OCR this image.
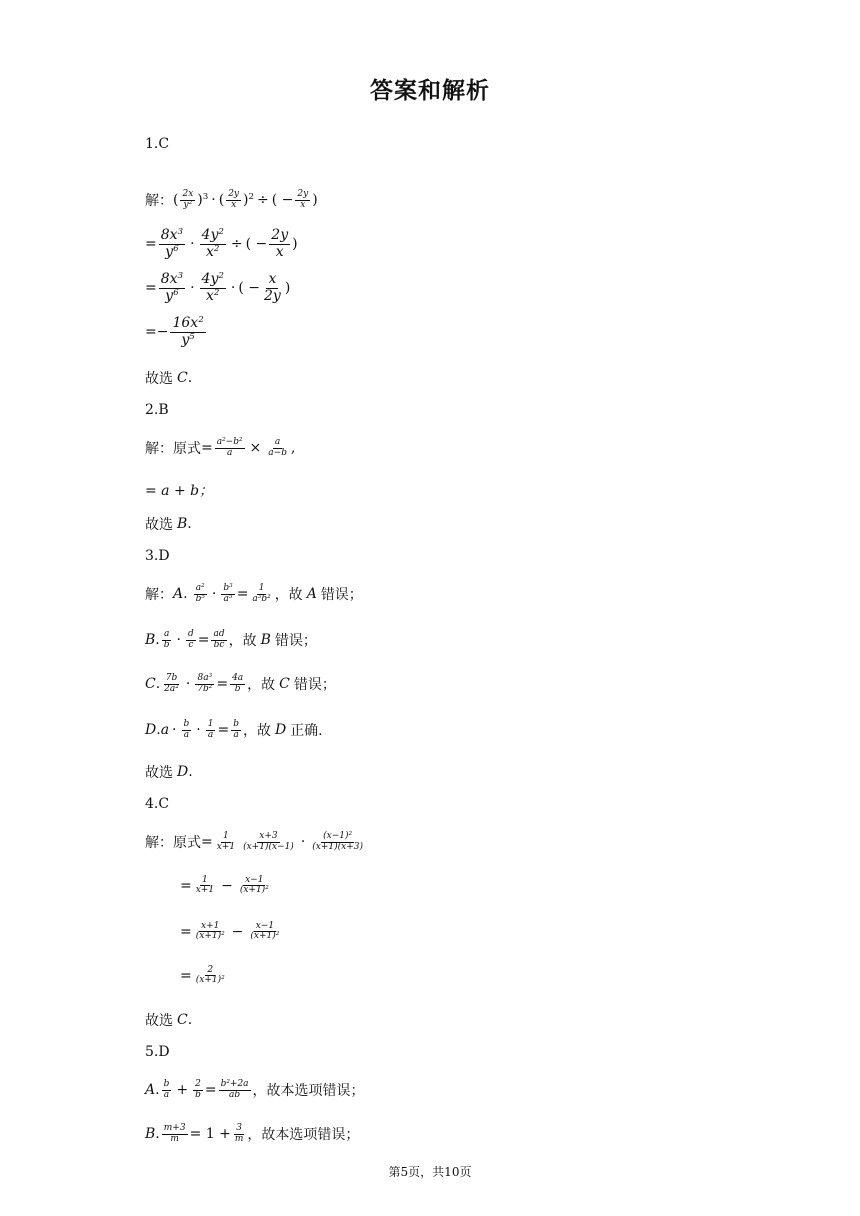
答案和解析
1.C
解： ( $\frac{2x}{y^2} )^3$ · ( $\frac{2y}{x} )^2$ ÷ ( − $\frac{2y}{x}$ )
= $\frac{8x^3}{y^6} \cdot \frac{4y^2}{x^2}$ ÷ ( − $\frac{2y}{x}$ )
= $\frac{8x^3}{y^6} \cdot \frac{4y^2}{x^2}$ · ( − $\frac{x}{2y}$ )
=− $\frac{16x^2}{y^5}$
故选 C .
2.B
解：原式 = $\frac{a^2-b^2}{a} \times \frac{a}{a-b}$ ,
= a + b；
故选 B .
3.D
解： A . $\frac{a^2}{b^5} \cdot \frac{b^3}{a^5} = \frac{1}{a^3b^2}$ ，故 A 错误；
B . $\frac{a}{b} \cdot \frac{d}{c} = \frac{ad}{bc}$ ，故 B 错误；
C . $\frac{7b}{2a^2} \cdot \frac{8a^3}{7b^2} = \frac{4a}{b}$ ，故 C 错误；
D . $a \cdot \frac{b}{a} \cdot \frac{1}{a} = \frac{b}{a}$ ，故 D 正确.
故选 D .
4.C
解：原式 = $\frac{1}{x+1} \frac{x+3}{(x+1)(x-1)} \cdot \frac{(x-1)^2}{(x+1)(x+3)}$
= $\frac{1}{x+1} - \frac{x-1}{(x+1)^2}$
= $\frac{x+1}{(x+1)^2} - \frac{x-1}{(x+1)^2}$
= $\frac{2}{(x+1)^2}$
故选 C .
5.D
A . $\frac{b}{a} + \frac{2}{b} = \frac{b^2+2a}{ab}$ ，故本选项错误；
B . $\frac{m+3}{m} = 1 + \frac{3}{m}$ ，故本选项错误；
第5页，共10页
